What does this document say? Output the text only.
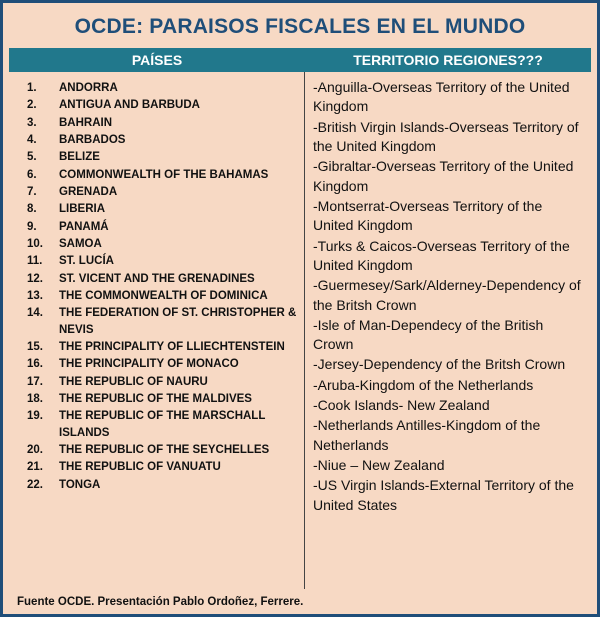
OCDE: PARAISOS FISCALES EN EL MUNDO
PAÍSES	TERRITORIO REGIONES???
ANDORRA
ANTIGUA AND BARBUDA
BAHRAIN
BARBADOS
BELIZE
COMMONWEALTH OF THE BAHAMAS
GRENADA
LIBERIA
PANAMÁ
SAMOA
ST. LUCÍA
ST. VICENT AND THE GRENADINES
THE COMMONWEALTH OF DOMINICA
THE FEDERATION OF ST. CHRISTOPHER & NEVIS
THE PRINCIPALITY OF LLIECHTENSTEIN
THE PRINCIPALITY OF MONACO
THE REPUBLIC OF NAURU
THE REPUBLIC OF THE MALDIVES
THE REPUBLIC OF THE MARSCHALL ISLANDS
THE REPUBLIC OF THE SEYCHELLES
THE REPUBLIC OF VANUATU
TONGA
-Anguilla-Overseas Territory of the United Kingdom
-British Virgin Islands-Overseas Territory of the United Kingdom
-Gibraltar-Overseas Territory of the United Kingdom
-Montserrat-Overseas Territory of the United Kingdom
-Turks & Caicos-Overseas Territory of the United Kingdom
-Guermesey/Sark/Alderney-Dependency of the Britsh Crown
-Isle of Man-Dependecy of the British Crown
-Jersey-Dependency of the Britsh Crown
-Aruba-Kingdom of the Netherlands
-Cook Islands- New Zealand
-Netherlands Antilles-Kingdom of the Netherlands
-Niue – New Zealand
-US Virgin Islands-External Territory of the United States
Fuente OCDE. Presentación Pablo Ordoñez, Ferrere.
